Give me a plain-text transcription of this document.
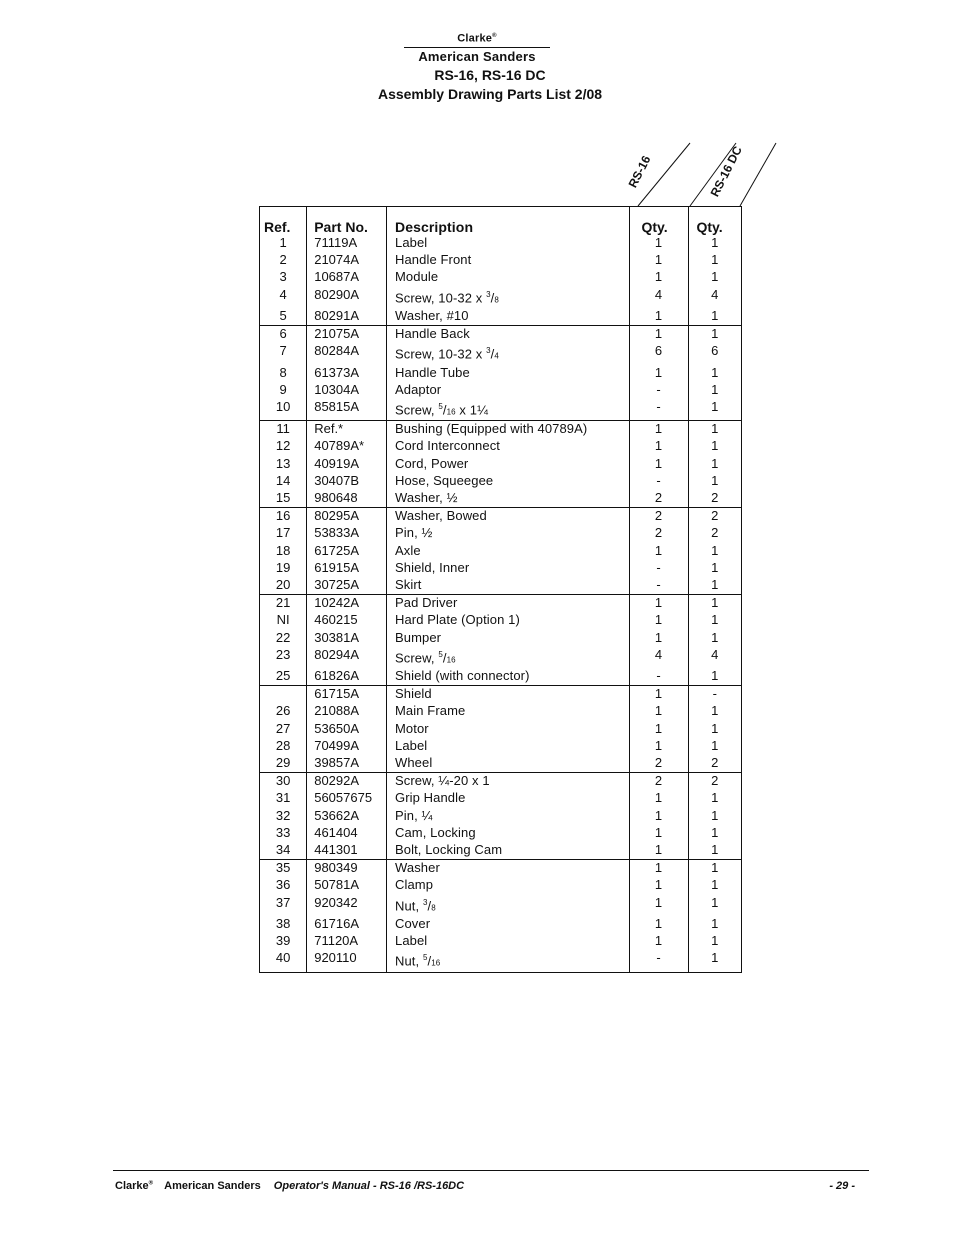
Clarke®
American Sanders
RS-16, RS-16 DC
Assembly Drawing Parts List 2/08
RS-16	RS-16 DC
Ref.	Part No.	Description	Qty.	Qty.
1	71119A	Label	1	1
2	21074A	Handle Front	1	1
3	10687A	Module	1	1
4	80290A	Screw, 10-32 x $^3$/8	4	4
5	80291A	Washer, #10	1	1
6	21075A	Handle Back	1	1
7	80284A	Screw, 10-32 x $^3$/4	6	6
8	61373A	Handle Tube	1	1
9	10304A	Adaptor	-	1
10	85815A	Screw, $^5$/16 x 1¼	-	1
11	Ref.*	Bushing (Equipped with 40789A)	1	1
12	40789A*	Cord Interconnect	1	1
13	40919A	Cord, Power	1	1
14	30407B	Hose, Squeegee	-	1
15	980648	Washer, ½	2	2
16	80295A	Washer, Bowed	2	2
17	53833A	Pin, ½	2	2
18	61725A	Axle	1	1
19	61915A	Shield, Inner	-	1
20	30725A	Skirt	-	1
21	10242A	Pad Driver	1	1
NI	460215	Hard Plate (Option 1)	1	1
22	30381A	Bumper	1	1
23	80294A	Screw, $^5$/16	4	4
25	61826A	Shield (with connector)	-	1
	61715A	Shield	1	-
26	21088A	Main Frame	1	1
27	53650A	Motor	1	1
28	70499A	Label	1	1
29	39857A	Wheel	2	2
30	80292A	Screw, ¼-20 x 1	2	2
31	56057675	Grip Handle	1	1
32	53662A	Pin, ¼	1	1
33	461404	Cam, Locking	1	1
34	441301	Bolt, Locking Cam	1	1
35	980349	Washer	1	1
36	50781A	Clamp	1	1
37	920342	Nut, $^3$/8	1	1
38	61716A	Cover	1	1
39	71120A	Label	1	1
40	920110	Nut, $^5$/16	-	1
Clarke® American Sanders Operator's Manual - RS-16 /RS-16DC	- 29 -
